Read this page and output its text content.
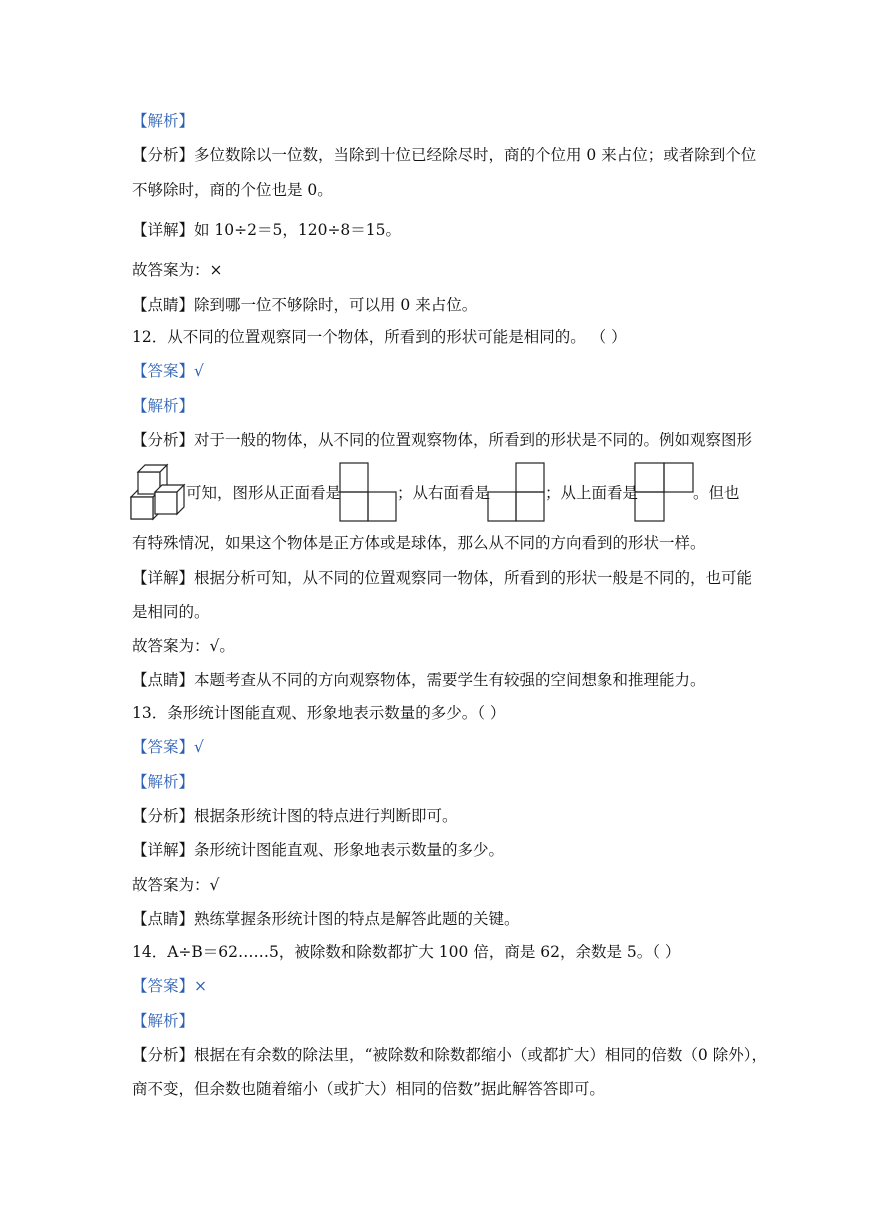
【解析】
【分析】多位数除以一位数，当除到十位已经除尽时，商的个位用 0 来占位；或者除到个位
不够除时，商的个位也是 0。
【详解】如 10÷2＝5，120÷8＝15。
故答案为：×
【点睛】除到哪一位不够除时，可以用 0 来占位。
12．从不同的位置观察同一个物体，所看到的形状可能是相同的。 （ ）
【答案】√
【解析】
【分析】对于一般的物体，从不同的位置观察物体，所看到的形状是不同的。例如观察图形
可知，图形从正面看是	；从右面看是	；从上面看是	。但也
有特殊情况，如果这个物体是正方体或是球体，那么从不同的方向看到的形状一样。
【详解】根据分析可知，从不同的位置观察同一物体，所看到的形状一般是不同的，也可能
是相同的。
故答案为：√。
【点睛】本题考查从不同的方向观察物体，需要学生有较强的空间想象和推理能力。
13．条形统计图能直观、形象地表示数量的多少。（ ）
【答案】√
【解析】
【分析】根据条形统计图的特点进行判断即可。
【详解】条形统计图能直观、形象地表示数量的多少。
故答案为：√
【点睛】熟练掌握条形统计图的特点是解答此题的关键。
14．A÷B＝62……5，被除数和除数都扩大 100 倍，商是 62，余数是 5。（ ）
【答案】×
【解析】
【分析】根据在有余数的除法里，“被除数和除数都缩小（或都扩大）相同的倍数（0 除外），
商不变，但余数也随着缩小（或扩大）相同的倍数”据此解答答即可。
